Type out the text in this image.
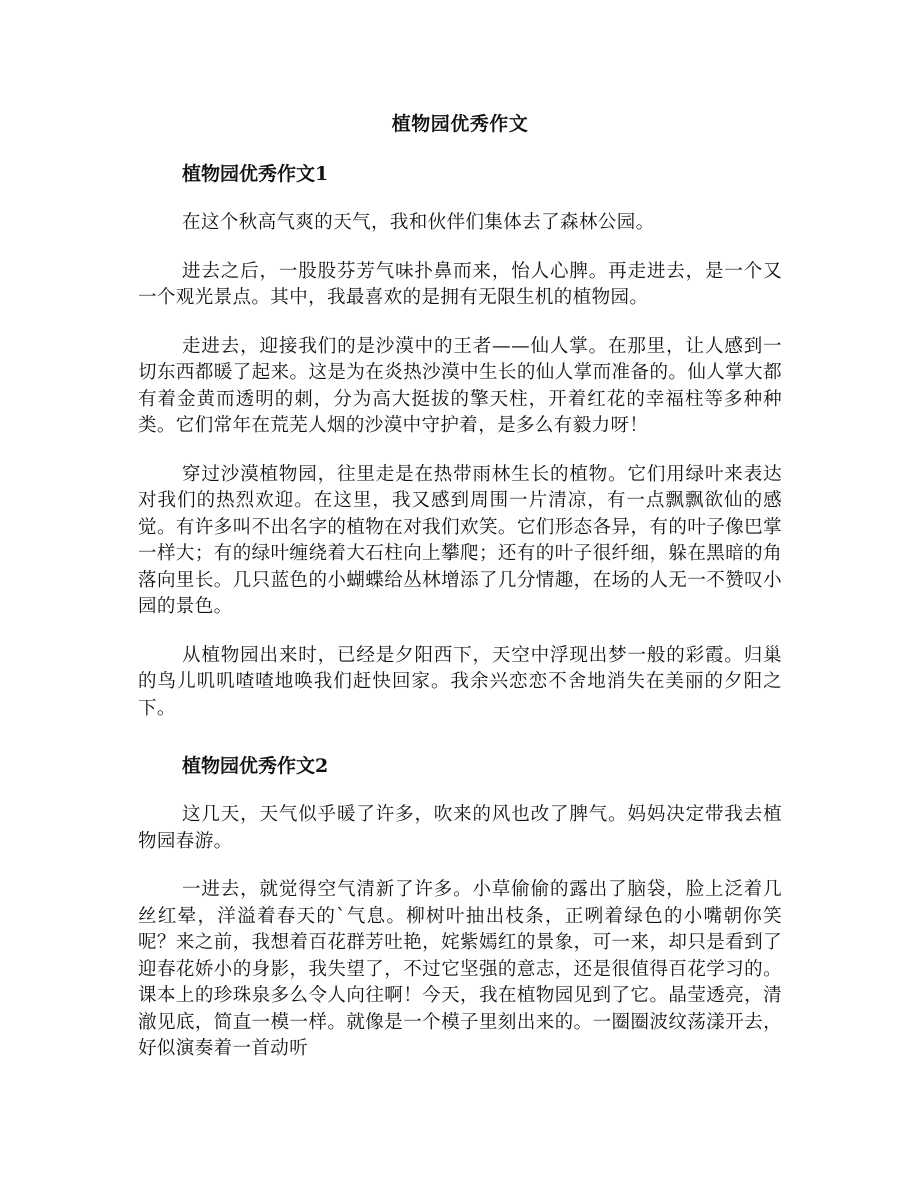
植物园优秀作文

植物园优秀作文1

在这个秋高气爽的天气，我和伙伴们集体去了森林公园。

进去之后，一股股芬芳气味扑鼻而来，怡人心脾。再走进去，是一个又一个观光景点。其中，我最喜欢的是拥有无限生机的植物园。

走进去，迎接我们的是沙漠中的王者——仙人掌。在那里，让人感到一切东西都暖了起来。这是为在炎热沙漠中生长的仙人掌而准备的。仙人掌大都有着金黄而透明的刺，分为高大挺拔的擎天柱，开着红花的幸福柱等多种种类。它们常年在荒芜人烟的沙漠中守护着，是多么有毅力呀！

穿过沙漠植物园，往里走是在热带雨林生长的植物。它们用绿叶来表达对我们的热烈欢迎。在这里，我又感到周围一片清凉，有一点飘飘欲仙的感觉。有许多叫不出名字的植物在对我们欢笑。它们形态各异，有的叶子像巴掌一样大；有的绿叶缠绕着大石柱向上攀爬；还有的叶子很纤细，躲在黑暗的角落向里长。几只蓝色的小蝴蝶给丛林增添了几分情趣，在场的人无一不赞叹小园的景色。

从植物园出来时，已经是夕阳西下，天空中浮现出梦一般的彩霞。归巢的鸟儿叽叽喳喳地唤我们赶快回家。我余兴恋恋不舍地消失在美丽的夕阳之下。

植物园优秀作文2

这几天，天气似乎暖了许多，吹来的风也改了脾气。妈妈决定带我去植物园春游。

一进去，就觉得空气清新了许多。小草偷偷的露出了脑袋，脸上泛着几丝红晕，洋溢着春天的`气息。柳树叶抽出枝条，正咧着绿色的小嘴朝你笑呢？来之前，我想着百花群芳吐艳，姹紫嫣红的景象，可一来，却只是看到了迎春花娇小的身影，我失望了，不过它坚强的意志，还是很值得百花学习的。课本上的珍珠泉多么令人向往啊！今天，我在植物园见到了它。晶莹透亮，清澈见底，简直一模一样。就像是一个模子里刻出来的。一圈圈波纹荡漾开去，好似演奏着一首动听
